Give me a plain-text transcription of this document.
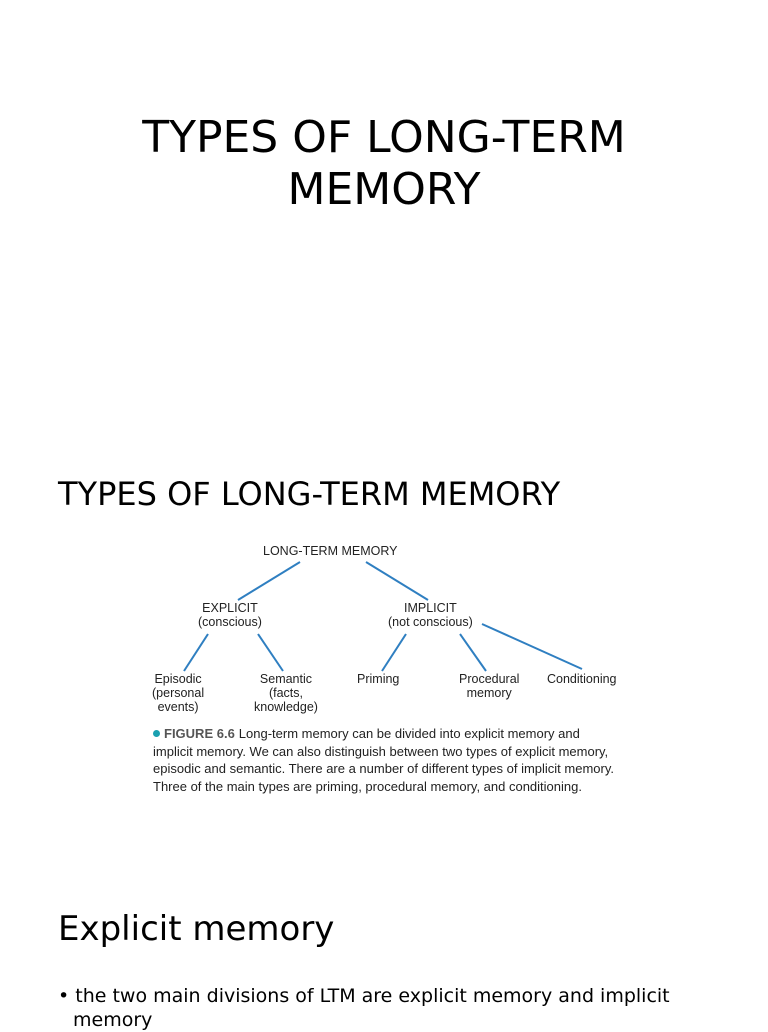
TYPES OF LONG-TERM
MEMORY
TYPES OF LONG-TERM MEMORY
LONG-TERM MEMORY
EXPLICIT
(conscious)
IMPLICIT
(not conscious)
Episodic
(personal
events)
Semantic
(facts,
knowledge)
Priming	Procedural
memory
Conditioning

FIGURE 6.6 Long-term memory can be divided into explicit memory and implicit memory. We can also distinguish between two types of explicit memory, episodic and semantic. There are a number of different types of implicit memory. Three of the main types are priming, procedural memory, and conditioning.

Explicit memory
• the two main divisions of LTM are explicit memory and implicit memory
